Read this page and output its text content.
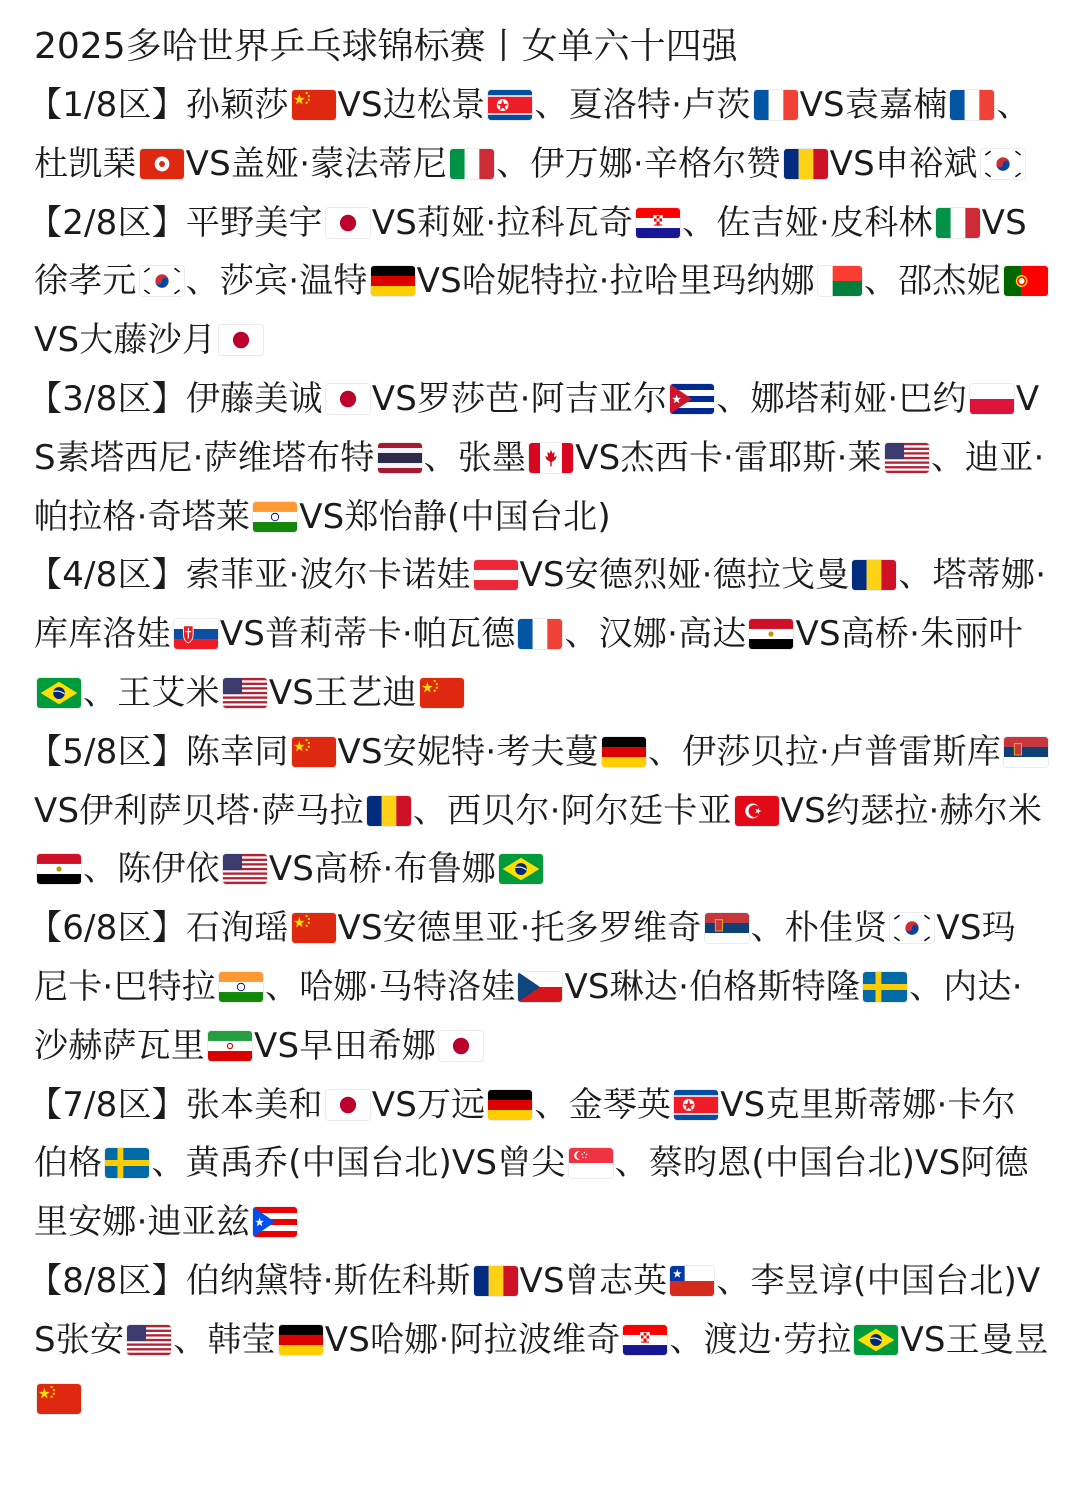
2025多哈世界乒乓球锦标赛丨女单六十四强

【1/8区】孙颖莎 VS边松景 、夏洛特·卢茨 VS袁嘉楠 、杜凯琹 VS盖娅·蒙法蒂尼 、伊万娜·辛格尔赞 VS申裕斌

【2/8区】平野美宇 VS莉娅·拉科瓦奇 、佐吉娅·皮科林 VS徐孝元 、莎宾·温特 VS哈妮特拉·拉哈里玛纳娜 、邵杰妮
VS大藤沙月

【3/8区】伊藤美诚 VS罗莎芭·阿吉亚尔 、娜塔莉娅·巴约 VS素塔西尼·萨维塔布特 、张墨 VS杰西卡·雷耶斯·莱 、迪亚·帕拉格·奇塔莱 VS郑怡静(中国台北)

【4/8区】索菲亚·波尔卡诺娃 VS安德烈娅·德拉戈曼 、塔蒂娜·库库洛娃 VS普莉蒂卡·帕瓦德 、汉娜·高达 VS高桥·朱丽叶
、王艾米 VS王艺迪

【5/8区】陈幸同 VS安妮特·考夫蔓 、伊莎贝拉·卢普雷斯库
VS伊利萨贝塔·萨马拉 、西贝尔·阿尔廷卡亚 VS约瑟拉·赫尔米
、陈伊依 VS高桥·布鲁娜

【6/8区】石洵瑶 VS安德里亚·托多罗维奇 、朴佳贤 VS玛尼卡·巴特拉 、哈娜·马特洛娃 VS琳达·伯格斯特隆 、内达·沙赫萨瓦里 VS早田希娜

【7/8区】张本美和 VS万远 、金琴英 VS克里斯蒂娜·卡尔伯格 、黄禹乔(中国台北)VS曾尖 、蔡昀恩(中国台北)VS阿德里安娜·迪亚兹

【8/8区】伯纳黛特·斯佐科斯 VS曾志英 、李昱谆(中国台北)VS张安 、韩莹 VS哈娜·阿拉波维奇 、渡边·劳拉 VS王曼昱
